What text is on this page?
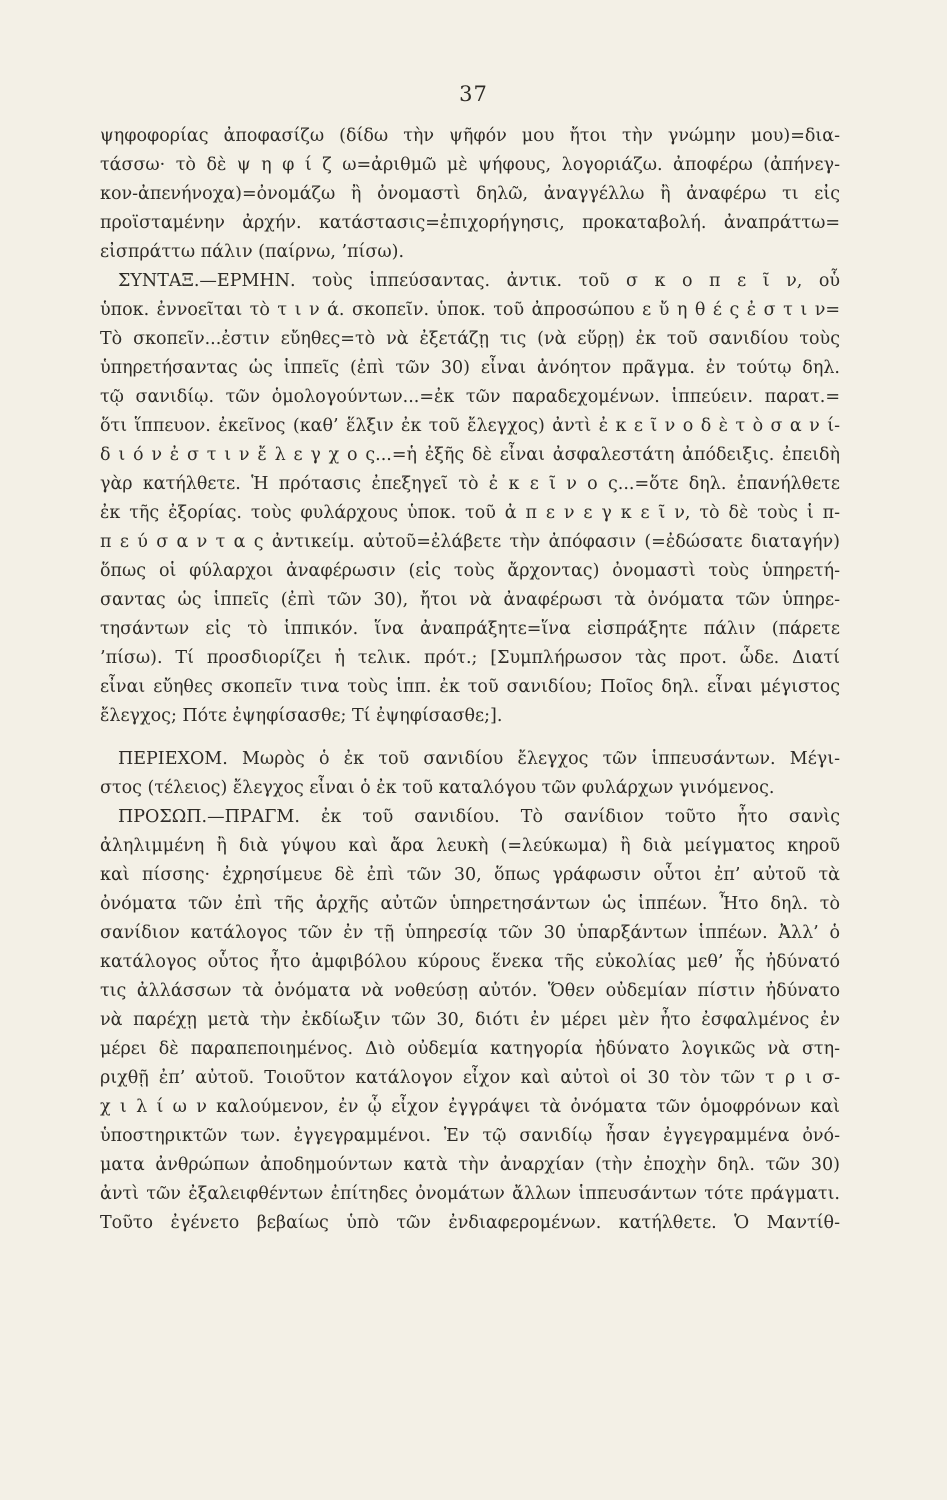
37
ψηφοφορίας ἀποφασίζω (δίδω τὴν ψῆφόν μου ἤτοι τὴν γνώμην μου)=δια-
τάσσω· τὸ δὲ ψ η φ ί ζ ω=ἀριθμῶ μὲ ψήφους, λογοριάζω. ἀποφέρω (ἀπήνεγ-
κον-ἀπενήνοχα)=ὀνομάζω ἢ ὀνομαστὶ δηλῶ, ἀναγγέλλω ἢ ἀναφέρω τι εἰς
προϊσταμένην ἀρχήν. κατάστασις=ἐπιχορήγησις, προκαταβολή. ἀναπράττω=
εἰσπράττω πάλιν (παίρνω, ’πίσω).
ΣΥΝΤΑΞ.—ΕΡΜΗΝ. τοὺς ἱππεύσαντας. ἀντικ. τοῦ σ κ ο π ε ῖ ν, οὗ
ὑποκ. ἐννοεῖται τὸ τ ι ν ά. σκοπεῖν. ὑποκ. τοῦ ἀπροσώπου ε ὔ η θ έ ς ἐ σ τ ι ν=
Τὸ σκοπεῖν...ἐστιν εὔηθες=τὸ νὰ ἐξετάζῃ τις (νὰ εὕρῃ) ἐκ τοῦ σανιδίου τοὺς
ὑπηρετήσαντας ὡς ἱππεῖς (ἐπὶ τῶν 30) εἶναι ἀνόητον πρᾶγμα. ἐν τούτῳ δηλ.
τῷ σανιδίῳ. τῶν ὁμολογούντων...=ἐκ τῶν παραδεχομένων. ἱππεύειν. παρατ.=
ὅτι ἵππευον. ἐκεῖνος (καθ’ ἕλξιν ἐκ τοῦ ἔλεγχος) ἀντὶ ἐ κ ε ῖ ν ο δ ὲ τ ὸ σ α ν ί-
δ ι ό ν ἐ σ τ ι ν ἔ λ ε γ χ ο ς...=ἡ ἐξῆς δὲ εἶναι ἀσφαλεστάτη ἀπόδειξις. ἐπειδὴ
γὰρ κατήλθετε. Ἡ πρότασις ἐπεξηγεῖ τὸ ἐ κ ε ῖ ν ο ς...=ὅτε δηλ. ἐπανήλθετε
ἐκ τῆς ἐξορίας. τοὺς φυλάρχους ὑποκ. τοῦ ἀ π ε ν ε γ κ ε ῖ ν, τὸ δὲ τοὺς ἱ π-
π ε ύ σ α ν τ α ς ἀντικείμ. αὐτοῦ=ἐλάβετε τὴν ἀπόφασιν (=ἐδώσατε διαταγήν)
ὅπως οἱ φύλαρχοι ἀναφέρωσιν (εἰς τοὺς ἄρχοντας) ὀνομαστὶ τοὺς ὑπηρετή-
σαντας ὡς ἱππεῖς (ἐπὶ τῶν 30), ἤτοι νὰ ἀναφέρωσι τὰ ὀνόματα τῶν ὑπηρε-
τησάντων εἰς τὸ ἱππικόν. ἵνα ἀναπράξητε=ἵνα εἰσπράξητε πάλιν (πάρετε
’πίσω). Τί προσδιορίζει ἡ τελικ. πρότ.; [Συμπλήρωσον τὰς προτ. ὧδε. Διατί
εἶναι εὔηθες σκοπεῖν τινα τοὺς ἱππ. ἐκ τοῦ σανιδίου; Ποῖος δηλ. εἶναι μέγιστος
ἔλεγχος; Πότε ἐψηφίσασθε; Τί ἐψηφίσασθε;].
ΠΕΡΙΕΧΟΜ. Μωρὸς ὁ ἐκ τοῦ σανιδίου ἔλεγχος τῶν ἱππευσάντων. Μέγι-
στος (τέλειος) ἔλεγχος εἶναι ὁ ἐκ τοῦ καταλόγου τῶν φυλάρχων γινόμενος.
ΠΡΟΣΩΠ.—ΠΡΑΓΜ. ἐκ τοῦ σανιδίου. Τὸ σανίδιον τοῦτο ἦτο σανὶς
ἀληλιμμένη ἢ διὰ γύψου καὶ ἄρα λευκὴ (=λεύκωμα) ἢ διὰ μείγματος κηροῦ
καὶ πίσσης· ἐχρησίμευε δὲ ἐπὶ τῶν 30, ὅπως γράφωσιν οὗτοι ἐπ’ αὐτοῦ τὰ
ὀνόματα τῶν ἐπὶ τῆς ἀρχῆς αὐτῶν ὑπηρετησάντων ὡς ἱππέων. Ἦτο δηλ. τὸ
σανίδιον κατάλογος τῶν ἐν τῇ ὑπηρεσίᾳ τῶν 30 ὑπαρξάντων ἱππέων. Ἀλλ’ ὁ
κατάλογος οὗτος ἦτο ἀμφιβόλου κύρους ἕνεκα τῆς εὐκολίας μεθ’ ἧς ἠδύνατό
τις ἀλλάσσων τὰ ὀνόματα νὰ νοθεύσῃ αὐτόν. Ὅθεν οὐδεμίαν πίστιν ἠδύνατο
νὰ παρέχῃ μετὰ τὴν ἐκδίωξιν τῶν 30, διότι ἐν μέρει μὲν ἦτο ἐσφαλμένος ἐν
μέρει δὲ παραπεποιημένος. Διὸ οὐδεμία κατηγορία ἠδύνατο λογικῶς νὰ στη-
ριχθῇ ἐπ’ αὐτοῦ. Τοιοῦτον κατάλογον εἶχον καὶ αὐτοὶ οἱ 30 τὸν τῶν τ ρ ι σ-
χ ι λ ί ω ν καλούμενον, ἐν ᾧ εἶχον ἐγγράψει τὰ ὀνόματα τῶν ὁμοφρόνων καὶ
ὑποστηρικτῶν των. ἐγγεγραμμένοι. Ἐν τῷ σανιδίῳ ἦσαν ἐγγεγραμμένα ὀνό-
ματα ἀνθρώπων ἀποδημούντων κατὰ τὴν ἀναρχίαν (τὴν ἐποχὴν δηλ. τῶν 30)
ἀντὶ τῶν ἐξαλειφθέντων ἐπίτηδες ὀνομάτων ἄλλων ἱππευσάντων τότε πράγματι.
Τοῦτο ἐγένετο βεβαίως ὑπὸ τῶν ἐνδιαφερομένων. κατήλθετε. Ὁ Μαντίθ-
